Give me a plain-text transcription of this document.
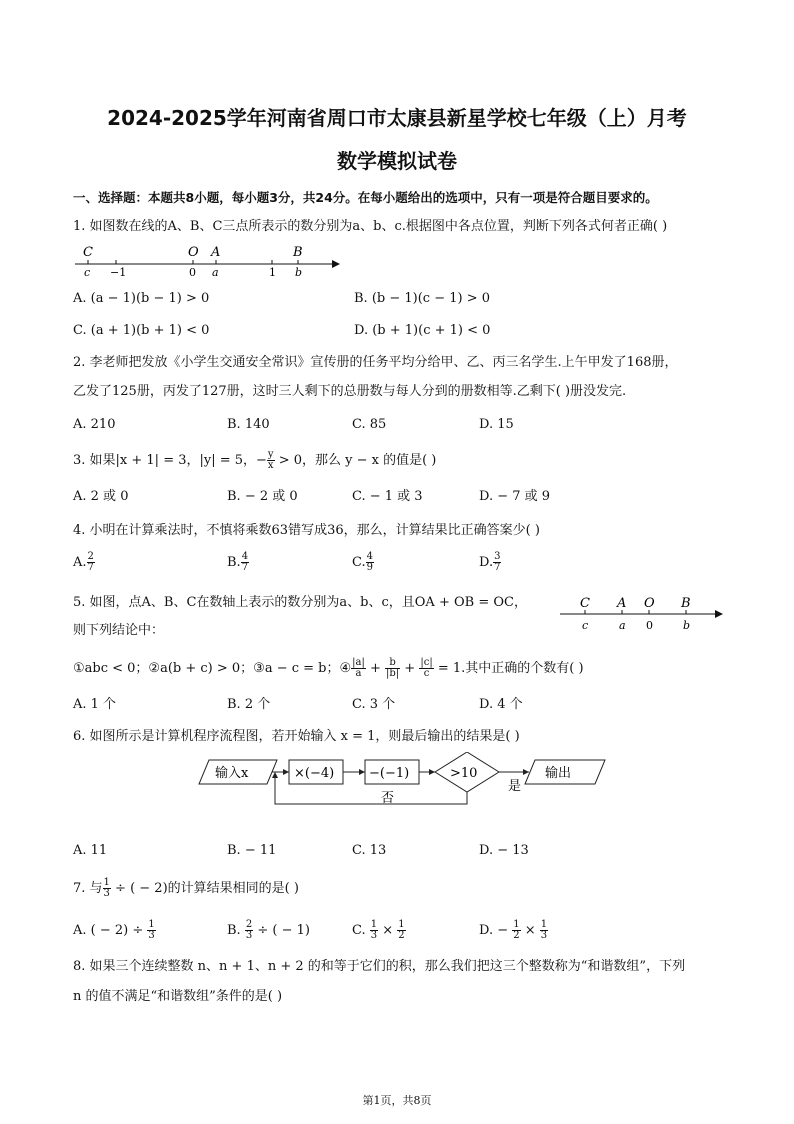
2024-2025学年河南省周口市太康县新星学校七年级（上）月考
数学模拟试卷
一、选择题：本题共8小题，每小题3分，共24分。在每小题给出的选项中，只有一项是符合题目要求的。
1. 如图数在线的A、B、C三点所表示的数分别为a、b、c.根据图中各点位置，判断下列各式何者正确( )
C	O A	B
c −1	0 a	1 b
A. (a − 1)(b − 1) > 0	B. (b − 1)(c − 1) > 0
C. (a + 1)(b + 1) < 0	D. (b + 1)(c + 1) < 0
2. 李老师把发放《小学生交通安全常识》宣传册的任务平均分给甲、乙、丙三名学生.上午甲发了168册，
乙发了125册，丙发了127册，这时三人剩下的总册数与每人分到的册数相等.乙剩下( )册没发完.
A. 210	B. 140	C. 85	D. 15
3. 如果|x + 1| = 3，|y| = 5，− $\frac{y}{x} > 0$，那么 y − x 的值是( )
A. 2 或 0	B. − 2 或 0	C. − 1 或 3	D. − 7 或 9
4. 小明在计算乘法时，不慎将乘数63错写成36，那么，计算结果比正确答案少( )
A. $\frac{2}{7}$	B. $\frac{4}{7}$	C. $\frac{4}{9}$	D. $\frac{3}{7}$
5. 如图，点A、B、C在数轴上表示的数分别为a、b、c，且OA + OB = OC，
则下列结论中：
C A O B
c	a 0	b
①abc < 0；②a(b + c) > 0；③a − c = b；④ $\frac{|a|}{a} + \frac{b}{|b|} + \frac{|c|}{c} = 1$.其中正确的个数有( )
A. 1 个	B. 2 个	C. 3 个	D. 4 个
6. 如图所示是计算机程序流程图，若开始输入 x = 1，则最后输出的结果是( )
输入x	×(−4)	−(−1)	>10
是
否
输出
A. 11	B. − 11	C. 13	D. − 13
7. 与 $\frac{1}{3}$ ÷ ( − 2)的计算结果相同的是( )
A. ( − $2) \div \frac{1}{3}$	B. $\frac{2}{3}$ ÷ ( − 1)	C. $\frac{1}{3} \times \frac{1}{2}$	D. − $\frac{1}{2} \times \frac{1}{3}$
8. 如果三个连续整数 n、n + 1、n + 2 的和等于它们的积，那么我们把这三个整数称为“和谐数组”，下列
n 的值不满足“和谐数组”条件的是( )
第1页，共8页
